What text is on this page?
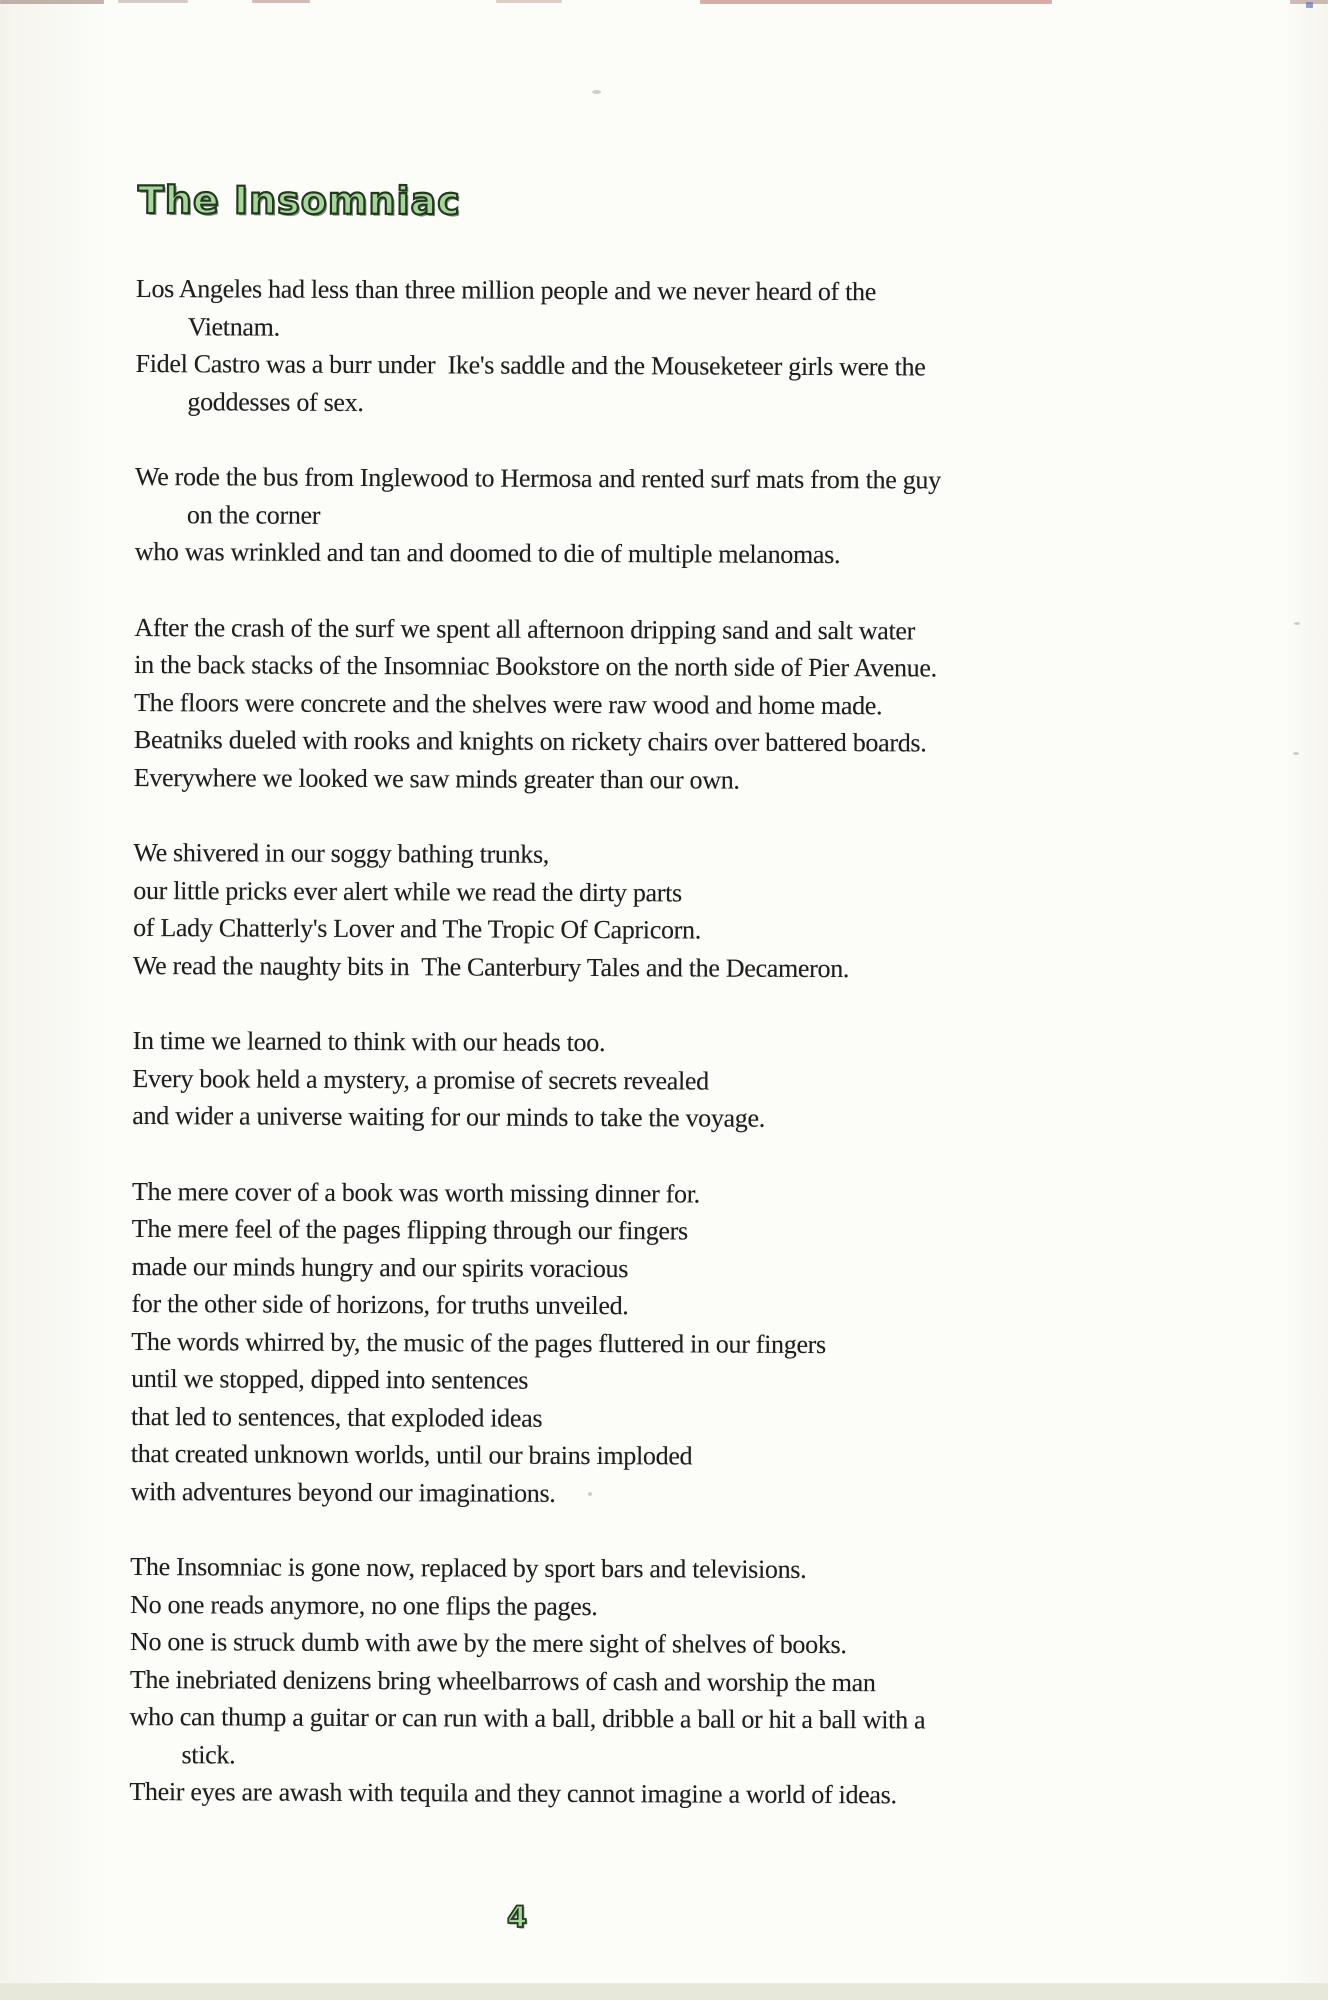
The Insomniac
Los Angeles had less than three million people and we never heard of the
Vietnam.
Fidel Castro was a burr under  Ike's saddle and the Mouseketeer girls were the
goddesses of sex.
We rode the bus from Inglewood to Hermosa and rented surf mats from the guy
on the corner
who was wrinkled and tan and doomed to die of multiple melanomas.
After the crash of the surf we spent all afternoon dripping sand and salt water
in the back stacks of the Insomniac Bookstore on the north side of Pier Avenue.
The floors were concrete and the shelves were raw wood and home made.
Beatniks dueled with rooks and knights on rickety chairs over battered boards.
Everywhere we looked we saw minds greater than our own.
We shivered in our soggy bathing trunks,
our little pricks ever alert while we read the dirty parts
of Lady Chatterly's Lover and The Tropic Of Capricorn.
We read the naughty bits in  The Canterbury Tales and the Decameron.
In time we learned to think with our heads too.
Every book held a mystery, a promise of secrets revealed
and wider a universe waiting for our minds to take the voyage.
The mere cover of a book was worth missing dinner for.
The mere feel of the pages flipping through our fingers
made our minds hungry and our spirits voracious
for the other side of horizons, for truths unveiled.
The words whirred by, the music of the pages fluttered in our fingers
until we stopped, dipped into sentences
that led to sentences, that exploded ideas
that created unknown worlds, until our brains imploded
with adventures beyond our imaginations.
The Insomniac is gone now, replaced by sport bars and televisions.
No one reads anymore, no one flips the pages.
No one is struck dumb with awe by the mere sight of shelves of books.
The inebriated denizens bring wheelbarrows of cash and worship the man
who can thump a guitar or can run with a ball, dribble a ball or hit a ball with a
stick.
Their eyes are awash with tequila and they cannot imagine a world of ideas.
4
